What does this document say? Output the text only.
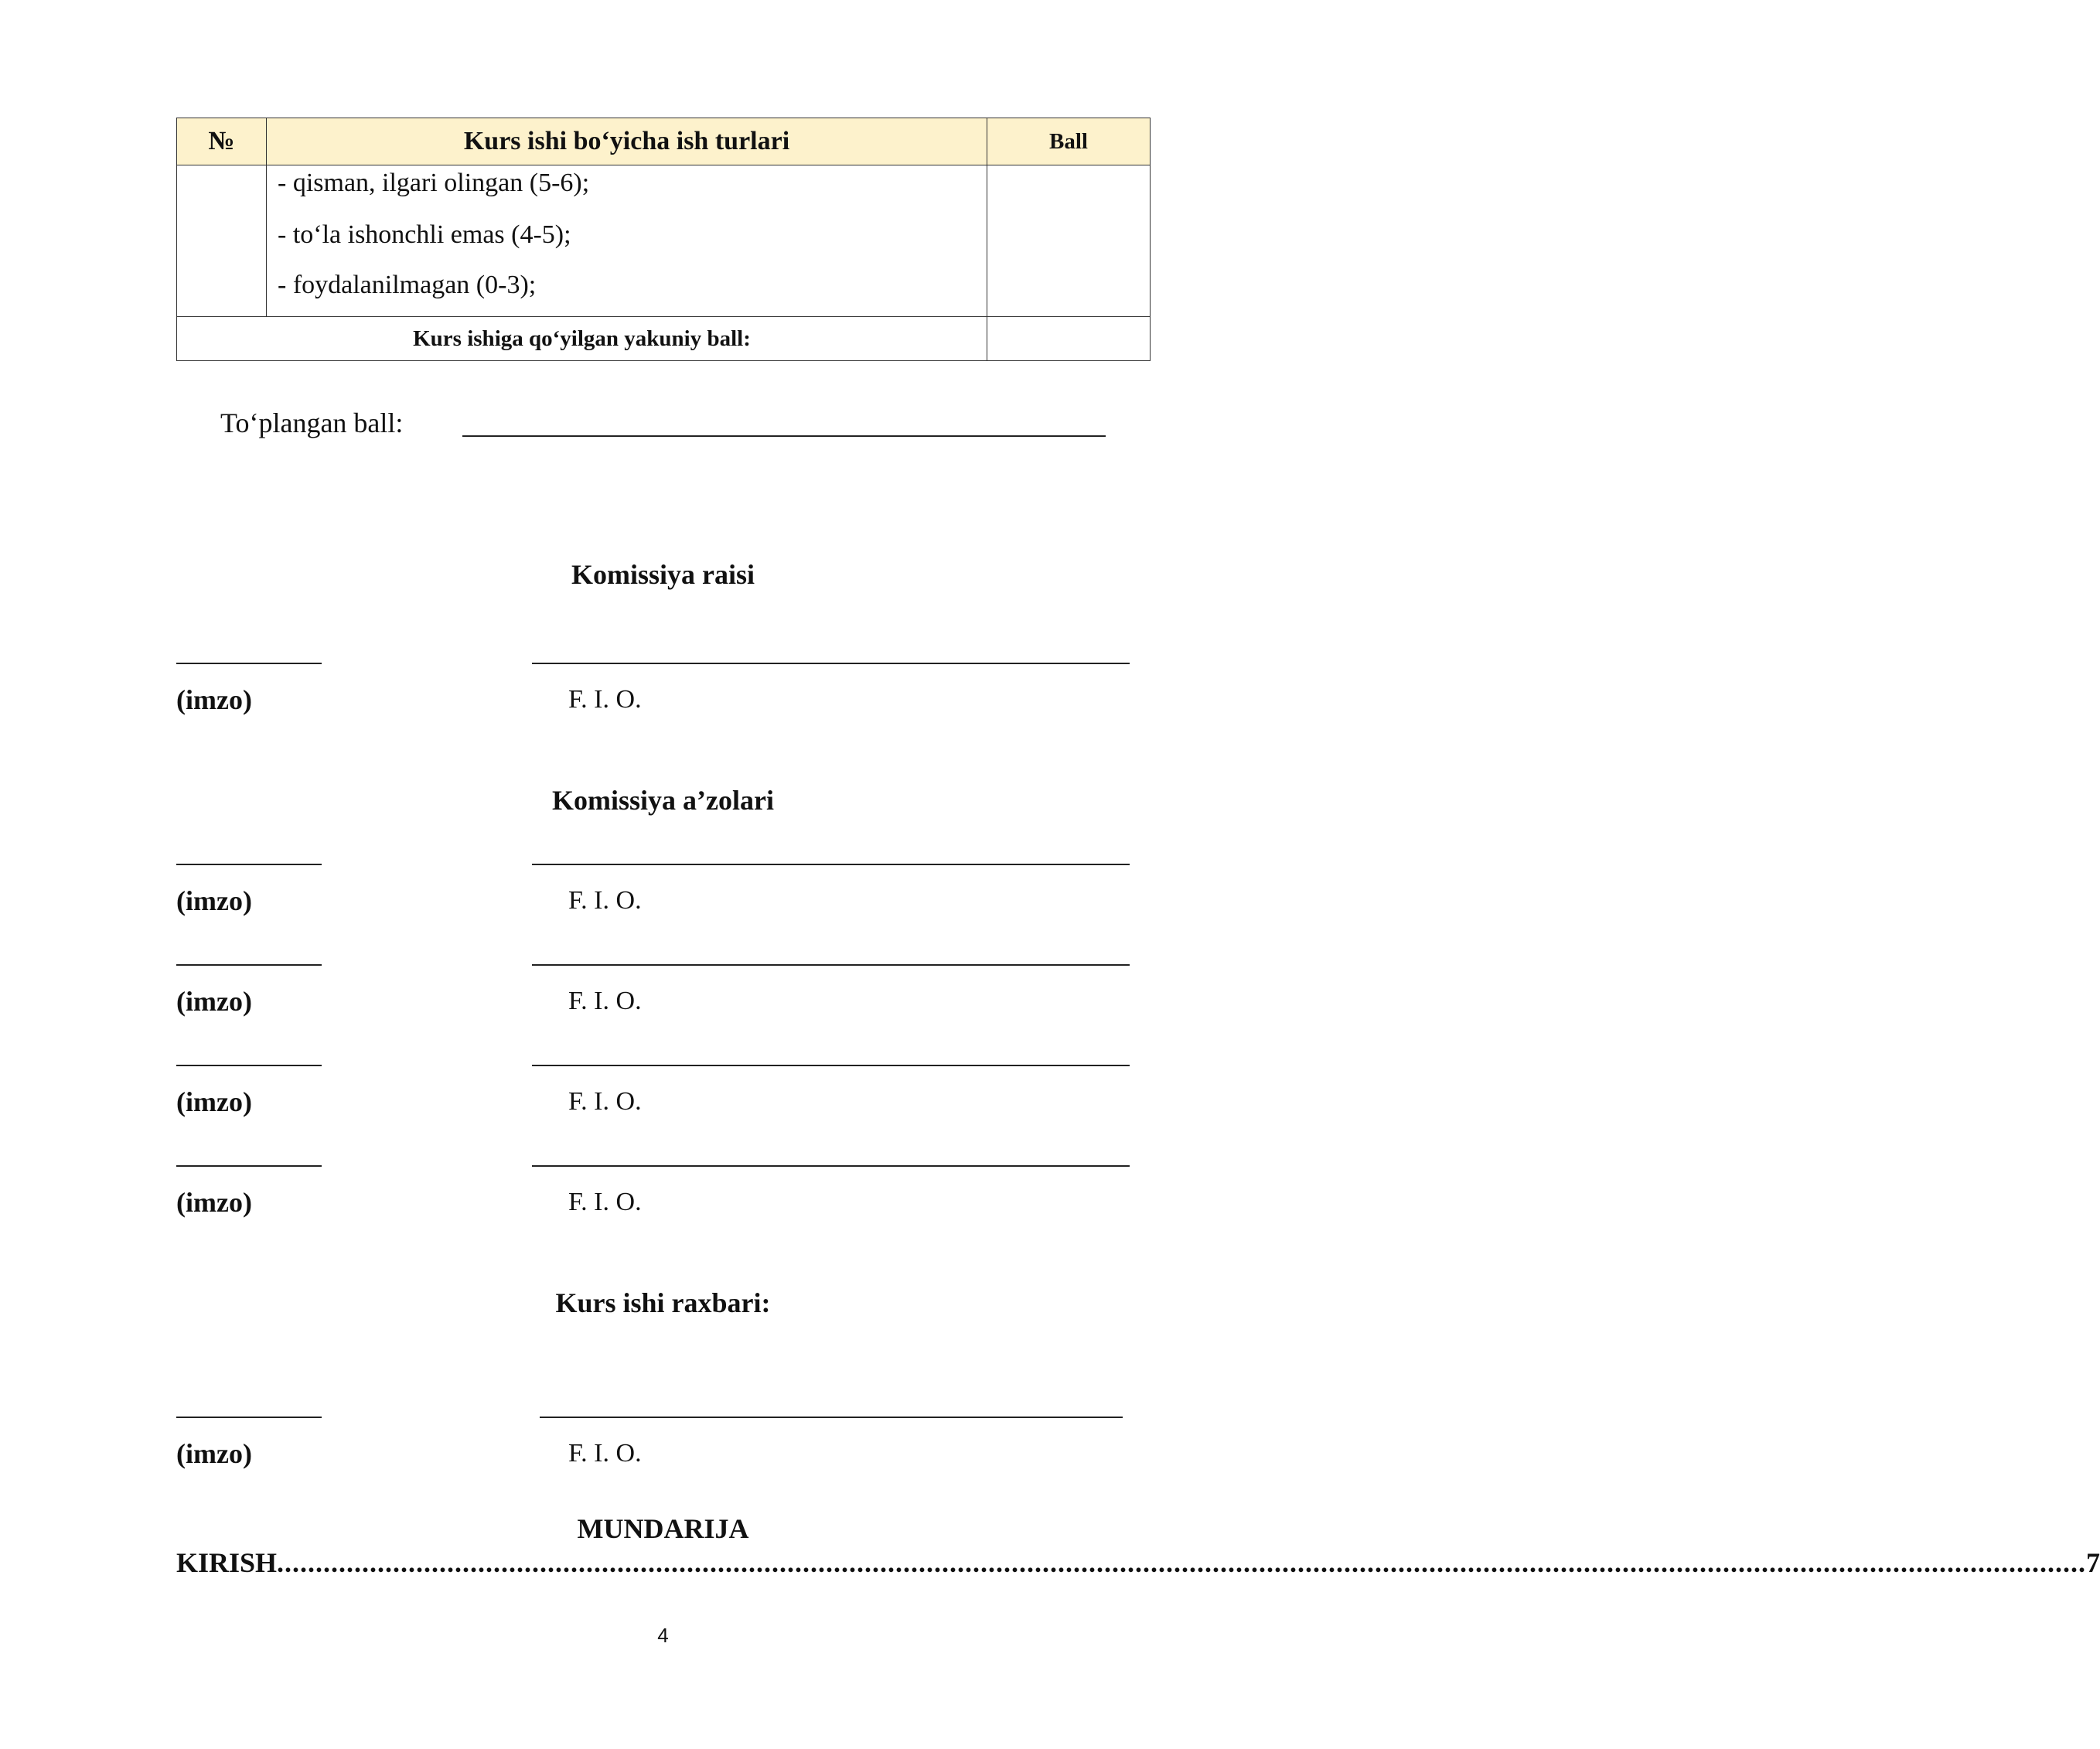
№	Kurs ishi bo‘yicha ish turlari	Ball

	- qisman, ilgari olingan (5-6);
- to‘la ishonchli emas (4-5);
- foydalanilmagan (0-3);	

Kurs ishiga qo‘yilgan yakuniy ball:		
To‘plangan ball:
Komissiya raisi
(imzo)	F. I. O.
Komissiya a’zolari
(imzo)	F. I. O.
(imzo)	F. I. O.
(imzo)	F. I. O.
(imzo)	F. I. O.
Kurs ishi raxbari:
(imzo)	F. I. O.
MUNDARIJA
KIRISH .......................................................................................................................................................................................................................................... 7
4
